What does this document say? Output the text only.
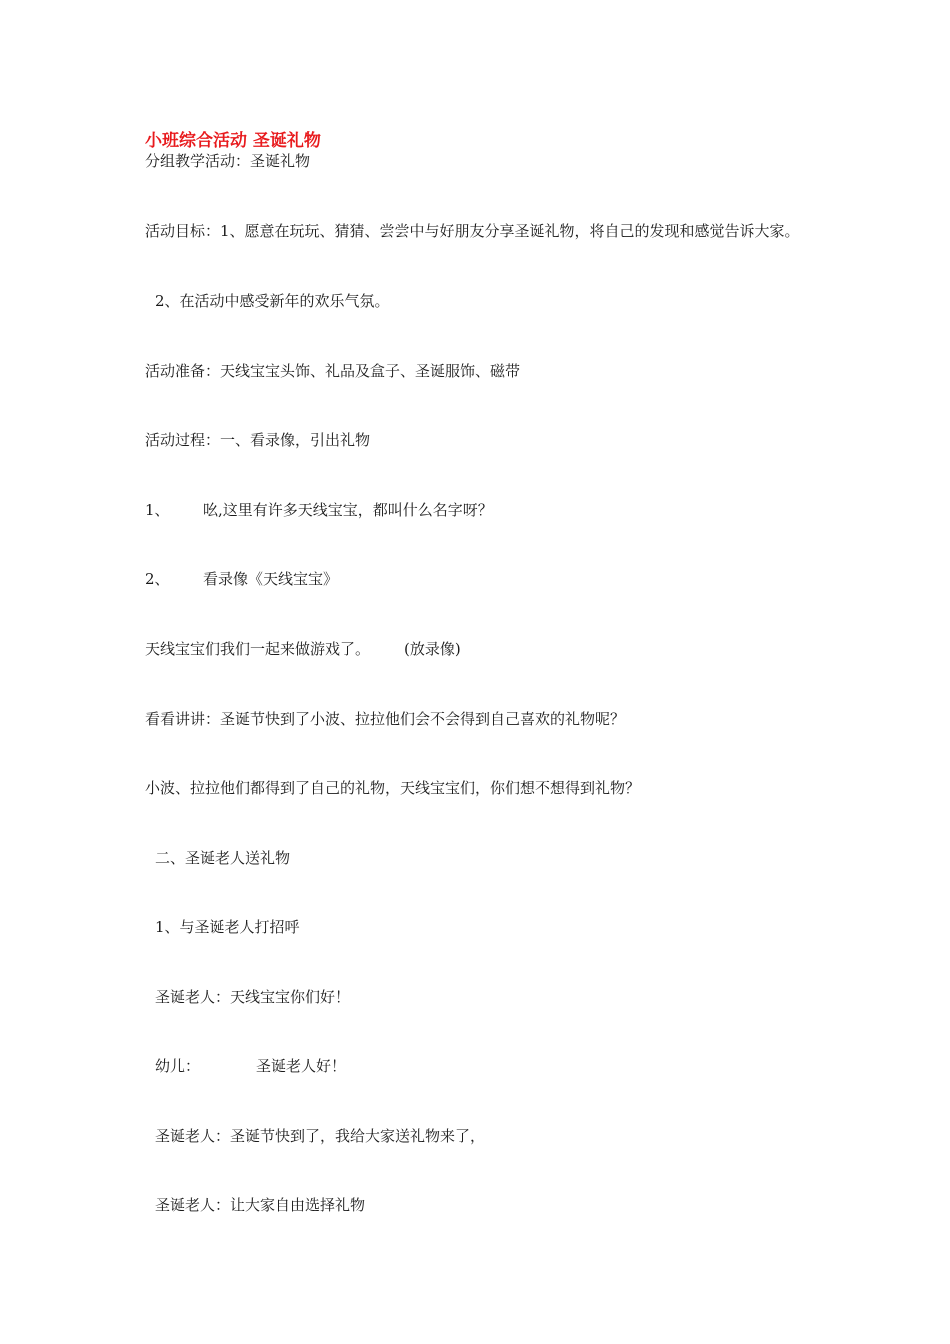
小班综合活动 圣诞礼物
分组教学活动：圣诞礼物
活动目标：1、愿意在玩玩、猜猜、尝尝中与好朋友分享圣诞礼物，将自己的发现和感觉告诉大家。
2、在活动中感受新年的欢乐气氛。
活动准备：天线宝宝头饰、礼品及盒子、圣诞服饰、磁带
活动过程：一、看录像，引出礼物
1、 吆,这里有许多天线宝宝，都叫什么名字呀？
2、 看录像《天线宝宝》
天线宝宝们我们一起来做游戏了。 (放录像)
看看讲讲：圣诞节快到了小波、拉拉他们会不会得到自己喜欢的礼物呢？
小波、拉拉他们都得到了自己的礼物，天线宝宝们，你们想不想得到礼物？
二、圣诞老人送礼物
1、与圣诞老人打招呼
圣诞老人：天线宝宝你们好！
幼儿：	圣诞老人好！
圣诞老人：圣诞节快到了，我给大家送礼物来了，
圣诞老人：让大家自由选择礼物
